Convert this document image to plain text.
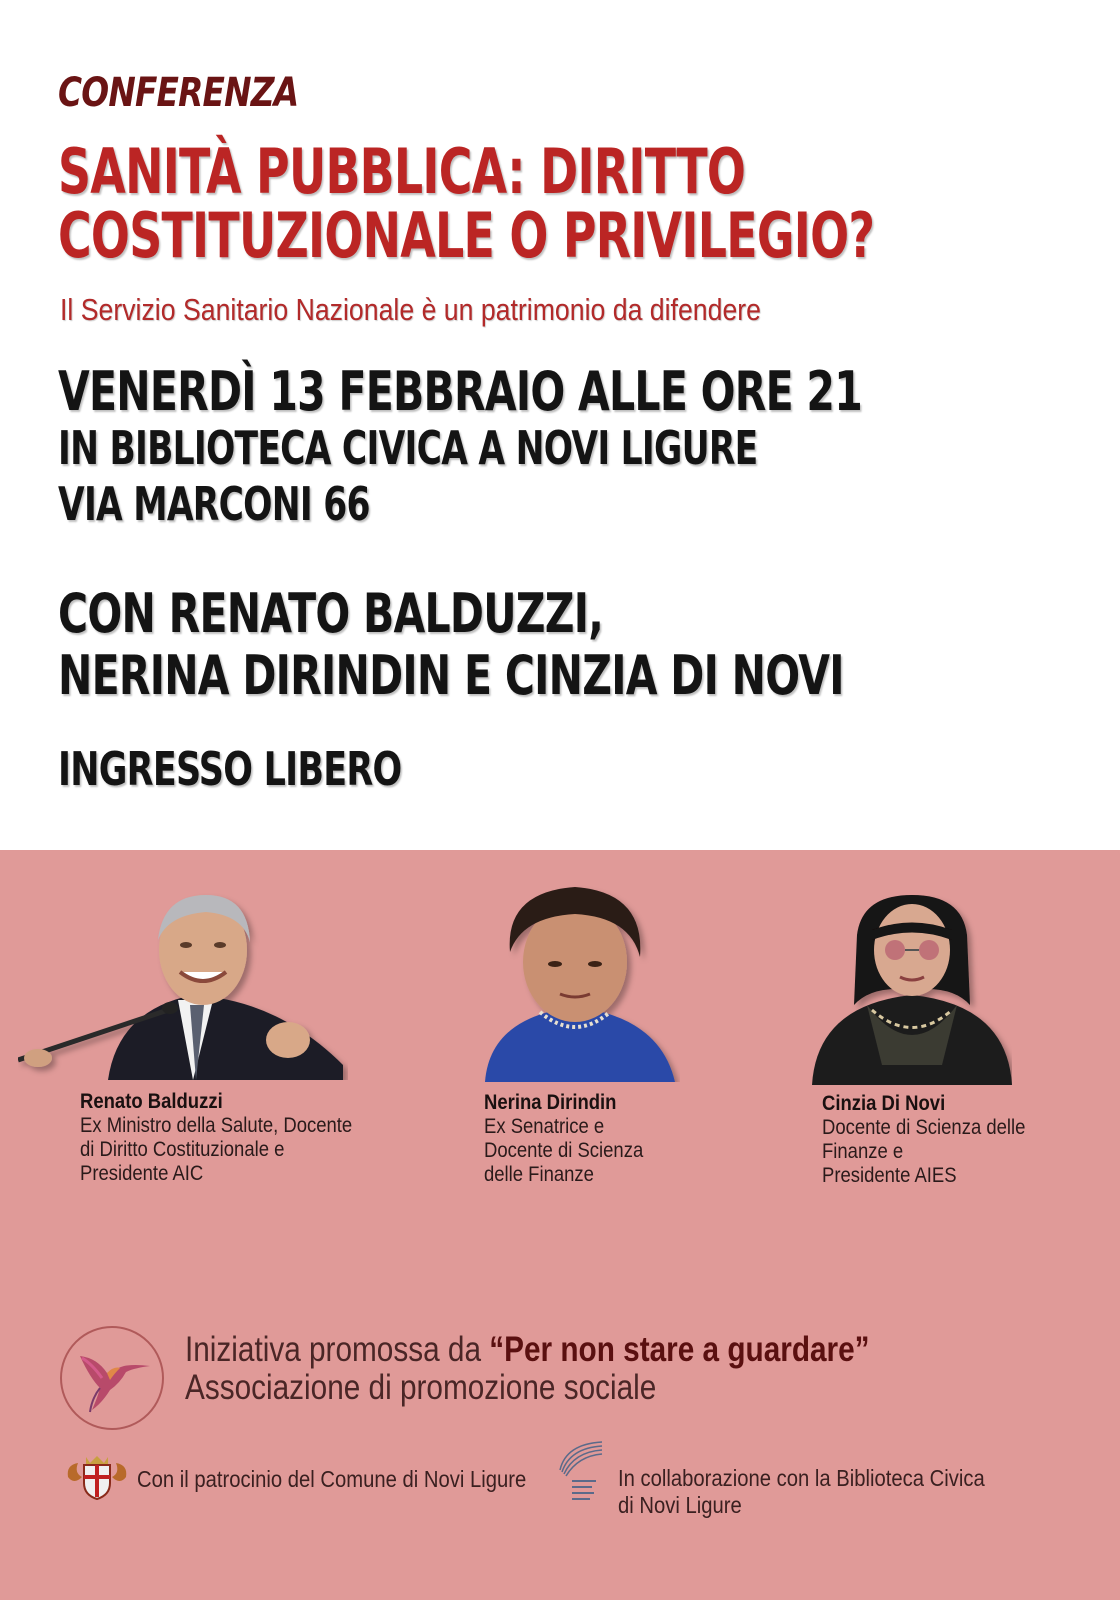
CONFERENZA
SANITÀ PUBBLICA: DIRITTO
COSTITUZIONALE O PRIVILEGIO?
Il Servizio Sanitario Nazionale è un patrimonio da difendere
VENERDÌ 13 FEBBRAIO ALLE ORE 21
IN BIBLIOTECA CIVICA A NOVI LIGURE
VIA MARCONI 66
CON RENATO BALDUZZI,
NERINA DIRINDIN E CINZIA DI NOVI
INGRESSO LIBERO
Renato Balduzzi
Ex Ministro della Salute, Docente
di Diritto Costituzionale e
Presidente AIC
Nerina Dirindin
Ex Senatrice e
Docente di Scienza
delle Finanze
Cinzia Di Novi
Docente di Scienza delle
Finanze e
Presidente AIES
Iniziativa promossa da “Per non stare a guardare”
Associazione di promozione sociale
Con il patrocinio del Comune di Novi Ligure	In collaborazione con la Biblioteca Civica
di Novi Ligure
